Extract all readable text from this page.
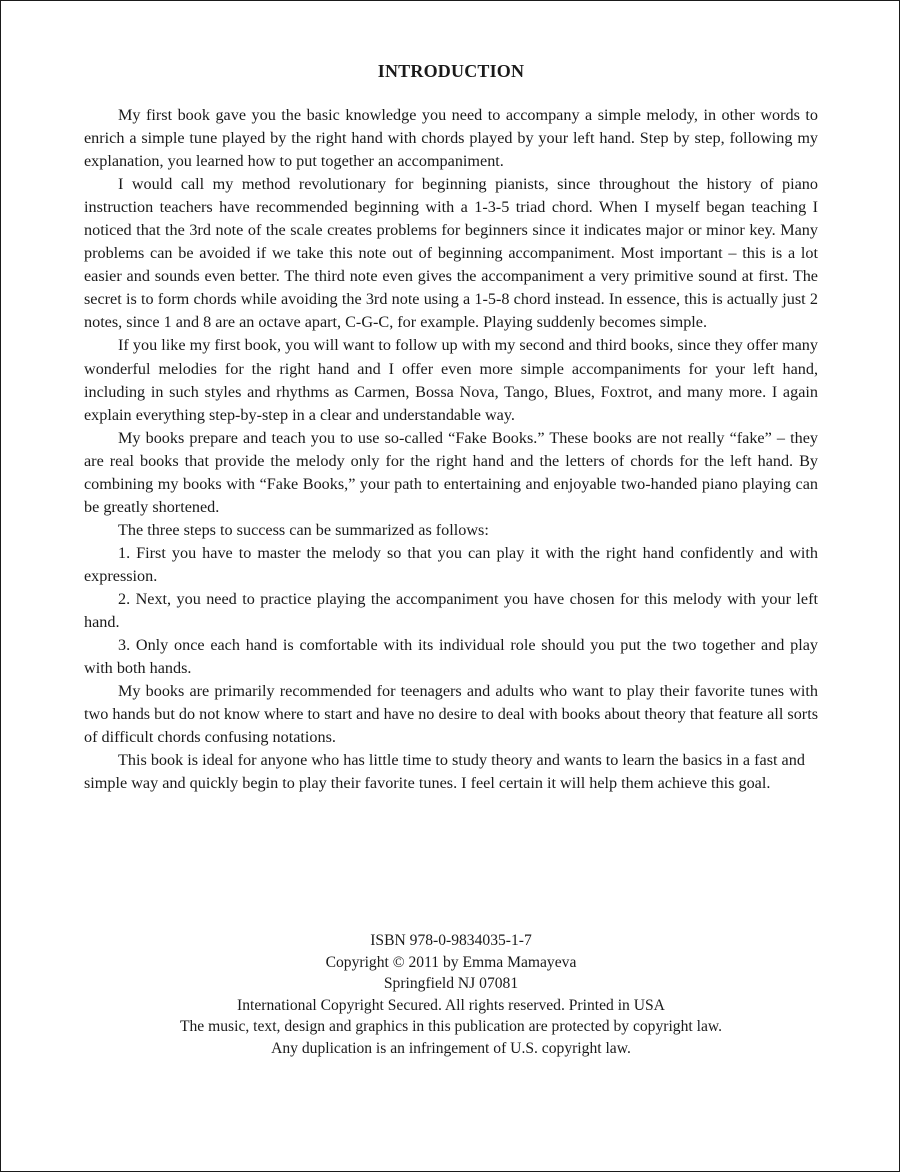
INTRODUCTION

My first book gave you the basic knowledge you need to accompany a simple melody, in other words to enrich a simple tune played by the right hand with chords played by your left hand. Step by step, following my explanation, you learned how to put together an accompaniment.

I would call my method revolutionary for beginning pianists, since throughout the history of piano instruction teachers have recommended beginning with a 1-3-5 triad chord. When I myself began teaching I noticed that the 3rd note of the scale creates problems for beginners since it indicates major or minor key. Many problems can be avoided if we take this note out of beginning accompaniment. Most important – this is a lot easier and sounds even better. The third note even gives the accompaniment a very primitive sound at first. The secret is to form chords while avoiding the 3rd note using a 1-5-8 chord instead. In essence, this is actually just 2 notes, since 1 and 8 are an octave apart, C-G-C, for example. Playing suddenly becomes simple.

If you like my first book, you will want to follow up with my second and third books, since they offer many wonderful melodies for the right hand and I offer even more simple accompaniments for your left hand, including in such styles and rhythms as Carmen, Bossa Nova, Tango, Blues, Foxtrot, and many more. I again explain everything step-by-step in a clear and understandable way.

My books prepare and teach you to use so-called “Fake Books.” These books are not really “fake” – they are real books that provide the melody only for the right hand and the letters of chords for the left hand. By combining my books with “Fake Books,” your path to entertaining and enjoyable two-handed piano playing can be greatly shortened.

The three steps to success can be summarized as follows:

1. First you have to master the melody so that you can play it with the right hand confidently and with expression.

2. Next, you need to practice playing the accompaniment you have chosen for this melody with your left hand.

3. Only once each hand is comfortable with its individual role should you put the two together and play with both hands.

My books are primarily recommended for teenagers and adults who want to play their favorite tunes with two hands but do not know where to start and have no desire to deal with books about theory that feature all sorts of difficult chords confusing notations.

This book is ideal for anyone who has little time to study theory and wants to learn the basics in a fast and simple way and quickly begin to play their favorite tunes. I feel certain it will help them achieve this goal.

ISBN 978-0-9834035-1-7
Copyright © 2011 by Emma Mamayeva
Springfield NJ 07081
International Copyright Secured. All rights reserved. Printed in USA
The music, text, design and graphics in this publication are protected by copyright law.
Any duplication is an infringement of U.S. copyright law.
